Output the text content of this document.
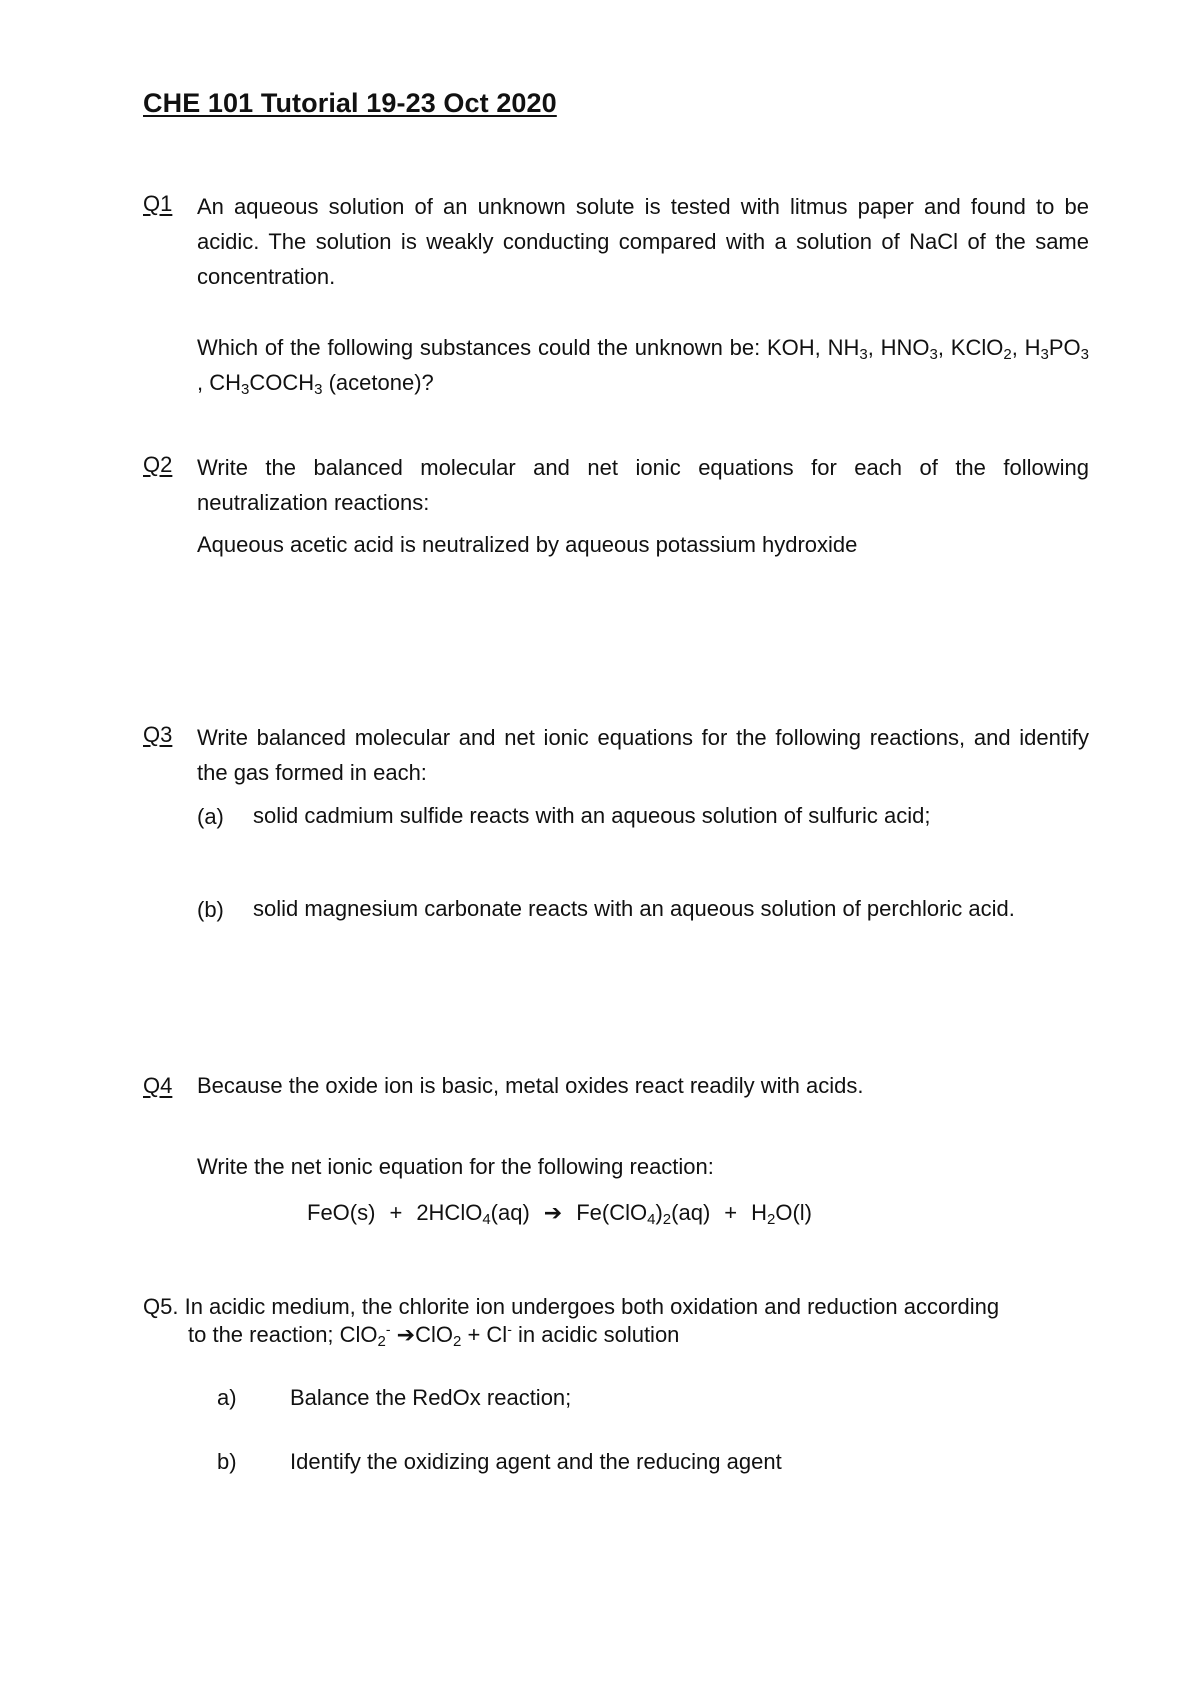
CHE 101 Tutorial 19-23 Oct 2020
Q1 An aqueous solution of an unknown solute is tested with litmus paper and found to be acidic. The solution is weakly conducting compared with a solution of NaCl of the same concentration.

Which of the following substances could the unknown be: KOH, $NH_3$, $HNO_3$, KClO$_2$, $H_3PO_3$ , $CH_3COCH_3$ (acetone)?

Q2 Write the balanced molecular and net ionic equations for each of the following neutralization reactions:

Aqueous acetic acid is neutralized by aqueous potassium hydroxide

Q3 Write balanced molecular and net ionic equations for the following reactions, and identify the gas formed in each:

(a) solid cadmium sulfide reacts with an aqueous solution of sulfuric acid;
(b) solid magnesium carbonate reacts with an aqueous solution of perchloric acid.
Q4 Because the oxide ion is basic, metal oxides react readily with acids.

Write the net ionic equation for the following reaction:

FeO(s) + 2HClO$_4$(aq) ➔ $Fe(ClO_4)_2(aq) + H_2O(l)$

Q5. In acidic medium, the chlorite ion undergoes both oxidation and reduction according

to the reaction; ClO$_2$- ➔ClO$_2$ + Cl- in acidic solution

a) Balance the RedOx reaction;
b) Identify the oxidizing agent and the reducing agent
